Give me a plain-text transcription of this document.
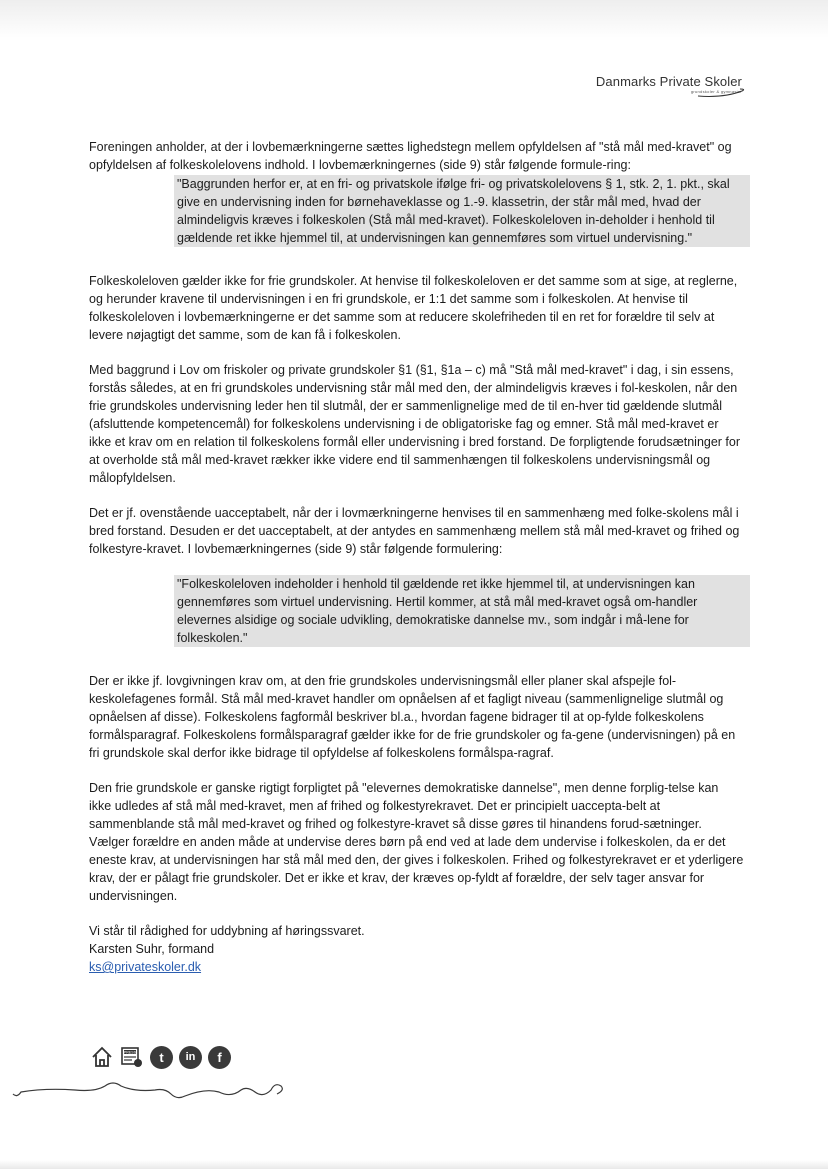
Danmarks Private Skoler
grundskoler & gymnasier

Foreningen anholder, at der i lovbemærkningerne sættes lighedstegn mellem opfyldelsen af "stå mål med-kravet" og opfyldelsen af folkeskolelovens indhold. I lovbemærkningernes (side 9) står følgende formule-ring:

"Baggrunden herfor er, at en fri- og privatskole ifølge fri- og privatskolelovens § 1, stk. 2, 1. pkt., skal give en undervisning inden for børnehaveklasse og 1.-9. klassetrin, der står mål med, hvad der almindeligvis kræves i folkeskolen (Stå mål med-kravet). Folkeskoleloven in-deholder i henhold til gældende ret ikke hjemmel til, at undervisningen kan gennemføres som virtuel undervisning."

Folkeskoleloven gælder ikke for frie grundskoler. At henvise til folkeskoleloven er det samme som at sige, at reglerne, og herunder kravene til undervisningen i en fri grundskole, er 1:1 det samme som i folkeskolen. At henvise til folkeskoleloven i lovbemærkningerne er det samme som at reducere skolefriheden til en ret for forældre til selv at levere nøjagtigt det samme, som de kan få i folkeskolen.

Med baggrund i Lov om friskoler og private grundskoler §1 (§1, §1a – c) må "Stå mål med-kravet" i dag, i sin essens, forstås således, at en fri grundskoles undervisning står mål med den, der almindeligvis kræves i fol-keskolen, når den frie grundskoles undervisning leder hen til slutmål, der er sammenlignelige med de til en-hver tid gældende slutmål (afsluttende kompetencemål) for folkeskolens undervisning i de obligatoriske fag og emner. Stå mål med-kravet er ikke et krav om en relation til folkeskolens formål eller undervisning i bred forstand. De forpligtende forudsætninger for at overholde stå mål med-kravet rækker ikke videre end til sammenhængen til folkeskolens undervisningsmål og målopfyldelsen.

Det er jf. ovenstående uacceptabelt, når der i lovmærkningerne henvises til en sammenhæng med folke-skolens mål i bred forstand. Desuden er det uacceptabelt, at der antydes en sammenhæng mellem stå mål med-kravet og frihed og folkestyre-kravet. I lovbemærkningernes (side 9) står følgende formulering:

"Folkeskoleloven indeholder i henhold til gældende ret ikke hjemmel til, at undervisningen kan gennemføres som virtuel undervisning. Hertil kommer, at stå mål med-kravet også om-handler elevernes alsidige og sociale udvikling, demokratiske dannelse mv., som indgår i må-lene for folkeskolen."

Der er ikke jf. lovgivningen krav om, at den frie grundskoles undervisningsmål eller planer skal afspejle fol-keskolefagenes formål. Stå mål med-kravet handler om opnåelsen af et fagligt niveau (sammenlignelige slutmål og opnåelsen af disse). Folkeskolens fagformål beskriver bl.a., hvordan fagene bidrager til at op-fylde folkeskolens formålsparagraf. Folkeskolens formålsparagraf gælder ikke for de frie grundskoler og fa-gene (undervisningen) på en fri grundskole skal derfor ikke bidrage til opfyldelse af folkeskolens formålspa-ragraf.

Den frie grundskole er ganske rigtigt forpligtet på "elevernes demokratiske dannelse", men denne forplig-telse kan ikke udledes af stå mål med-kravet, men af frihed og folkestyrekravet. Det er principielt uaccepta-belt at sammenblande stå mål med-kravet og frihed og folkestyre-kravet så disse gøres til hinandens forud-sætninger. Vælger forældre en anden måde at undervise deres børn på end ved at lade dem undervise i folkeskolen, da er det eneste krav, at undervisningen har stå mål med den, der gives i folkeskolen. Frihed og folkestyrekravet er et yderligere krav, der er pålagt frie grundskoler. Det er ikke et krav, der kræves op-fyldt af forældre, der selv tager ansvar for undervisningen.

Vi står til rådighed for uddybning af høringssvaret.

Karsten Suhr, formand

ks@privateskoler.dk

PRESS t in f
